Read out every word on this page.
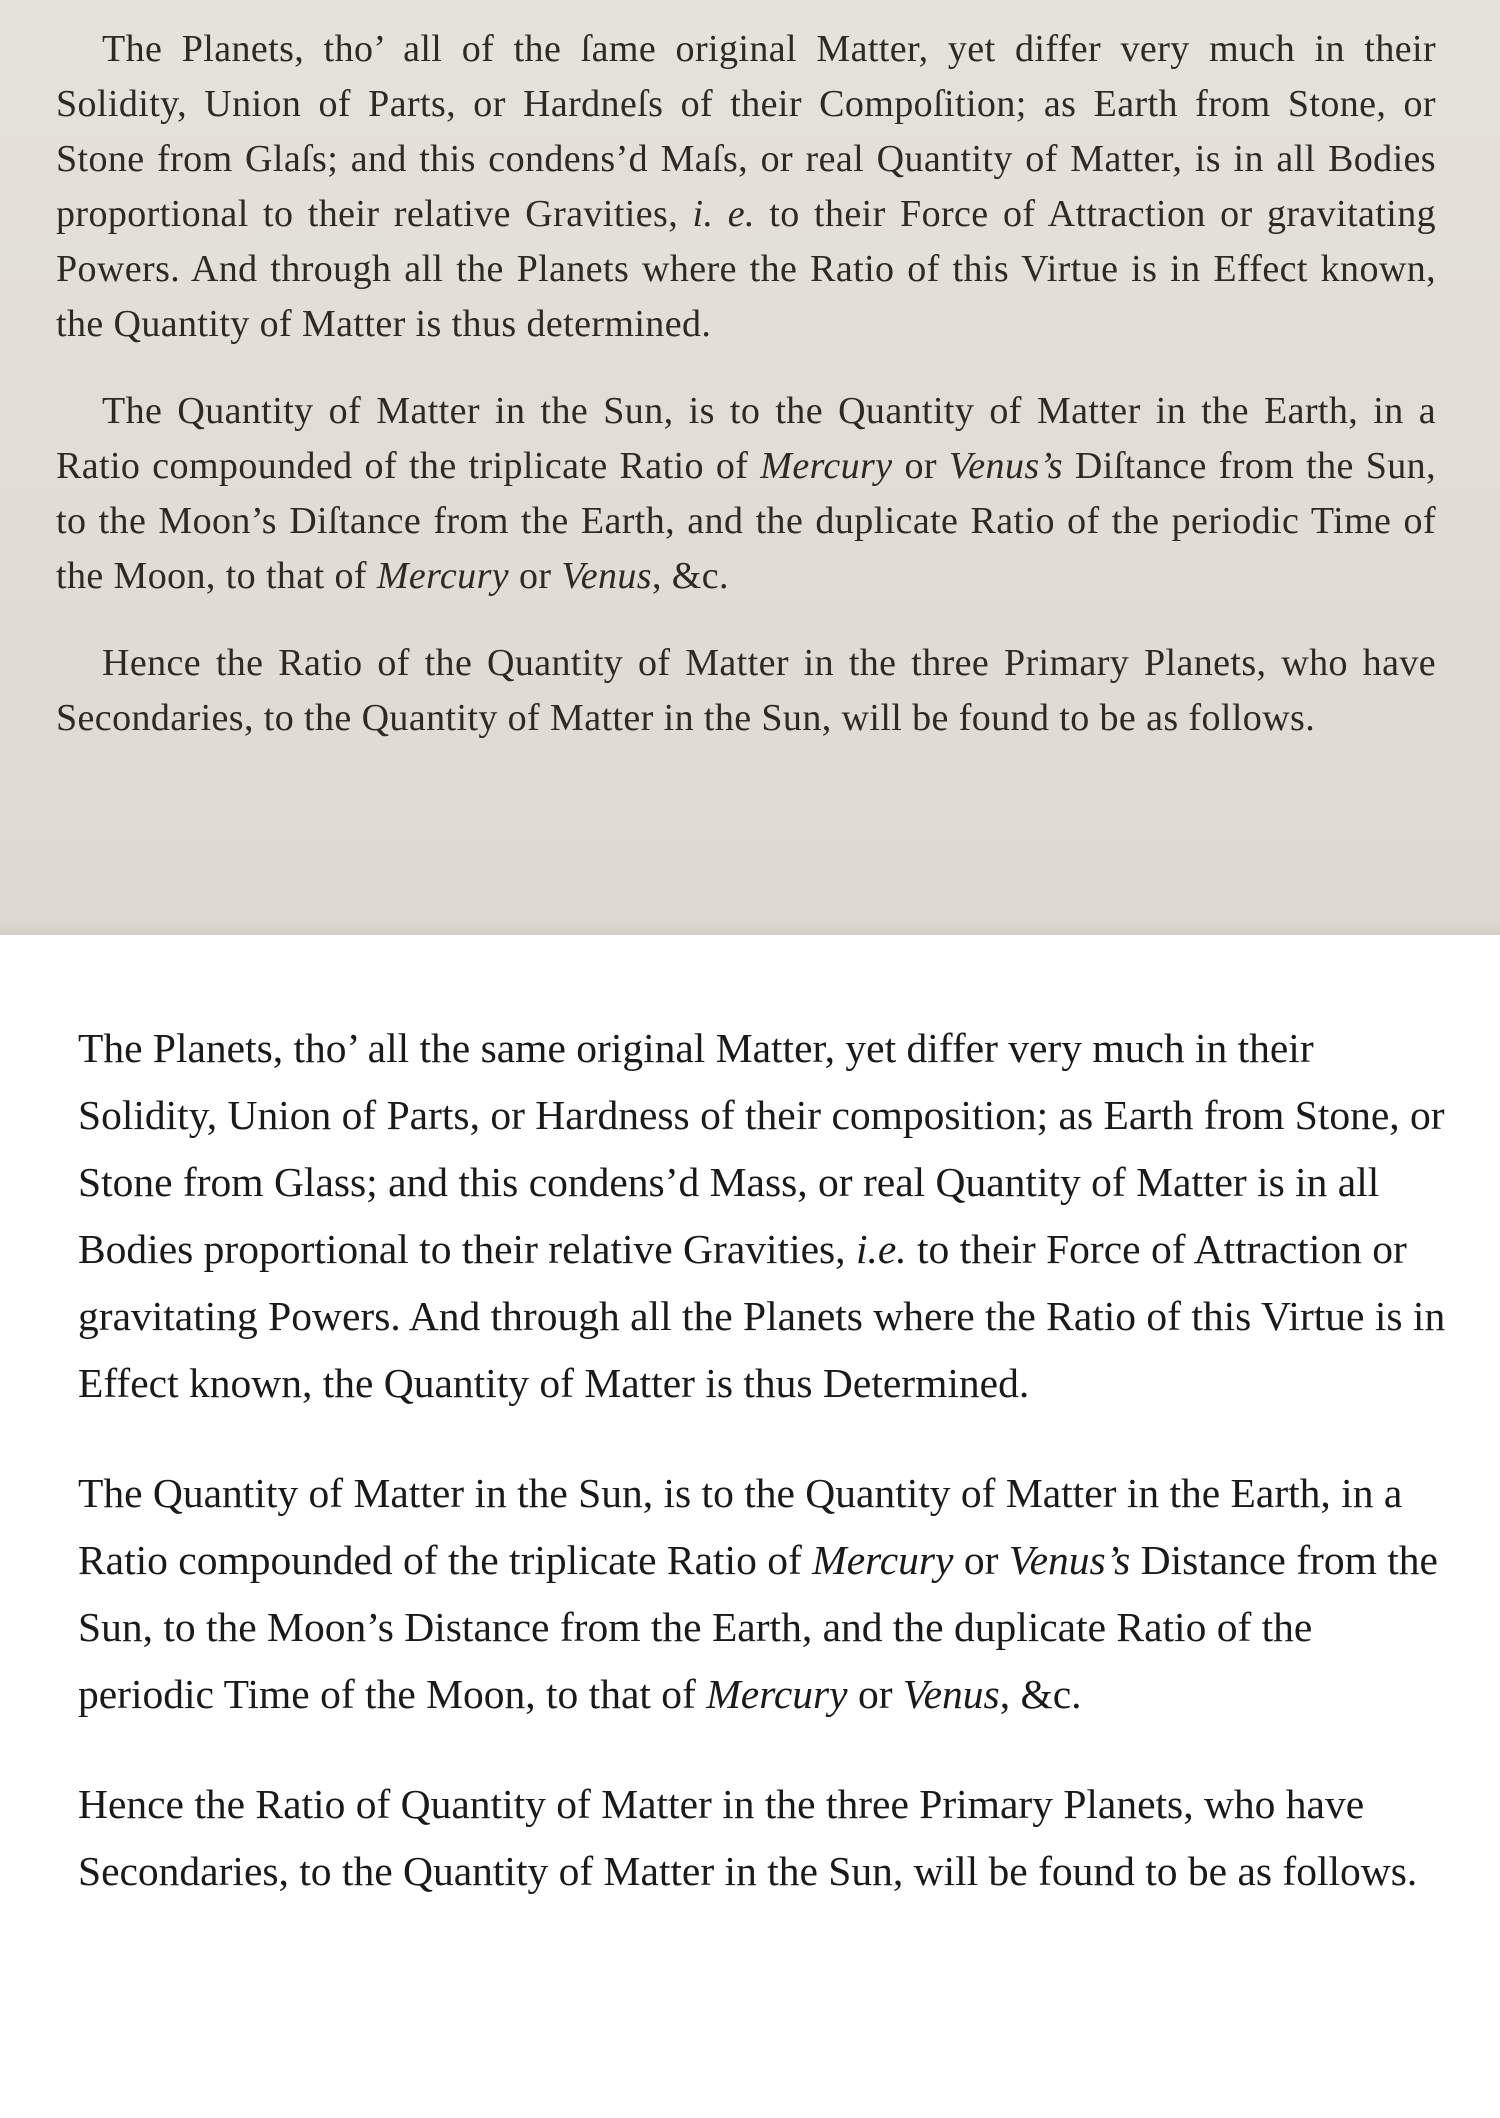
The Planets, tho’ all of the ſame original Matter, yet differ very much in their Solidity, Union of Parts, or Hardneſs of their Compoſition; as Earth from Stone, or Stone from Glaſs; and this condens’d Maſs, or real Quantity of Matter, is in all Bodies proportional to their relative Gravities, i. e. to their Force of Attraction or gravitating Powers. And through all the Planets where the Ratio of this Virtue is in Effect known, the Quantity of Matter is thus determined.

The Quantity of Matter in the Sun, is to the Quantity of Matter in the Earth, in a Ratio compounded of the triplicate Ratio of Mercury or Venus’s Diſtance from the Sun, to the Moon’s Diſtance from the Earth, and the duplicate Ratio of the periodic Time of the Moon, to that of Mercury or Venus, &c.

Hence the Ratio of the Quantity of Matter in the three Primary Planets, who have Secondaries, to the Quantity of Matter in the Sun, will be found to be as follows.

The Planets, tho’ all the same original Matter, yet differ very much in their Solidity, Union of Parts, or Hardness of their composition; as Earth from Stone, or Stone from Glass; and this condens’d Mass, or real Quantity of Matter is in all Bodies proportional to their relative Gravities, i.e. to their Force of Attraction or gravitating Powers. And through all the Planets where the Ratio of this Virtue is in Effect known, the Quantity of Matter is thus Determined.

The Quantity of Matter in the Sun, is to the Quantity of Matter in the Earth, in a Ratio compounded of the triplicate Ratio of Mercury or Venus’s Distance from the Sun, to the Moon’s Distance from the Earth, and the duplicate Ratio of the periodic Time of the Moon, to that of Mercury or Venus, &c.

Hence the Ratio of Quantity of Matter in the three Primary Planets, who have Secondaries, to the Quantity of Matter in the Sun, will be found to be as follows.
